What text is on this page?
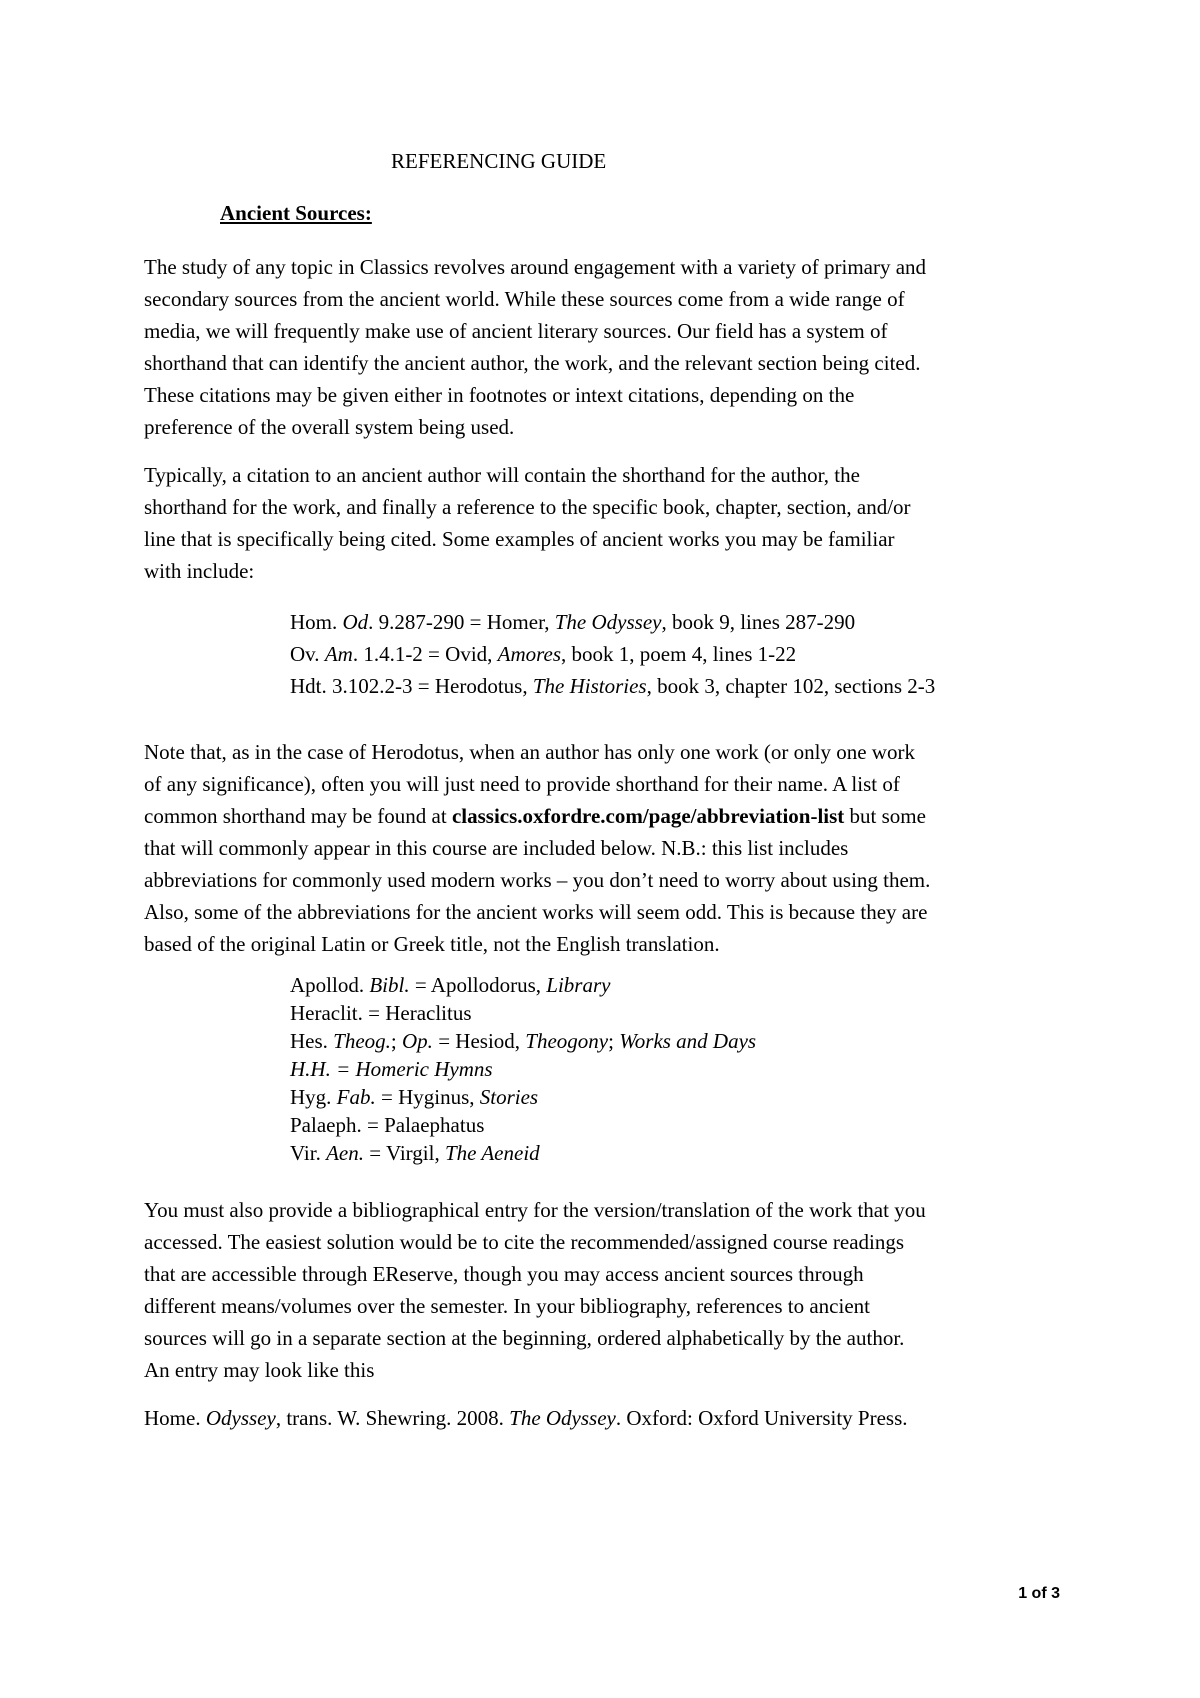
REFERENCING GUIDE
Ancient Sources:
The study of any topic in Classics revolves around engagement with a variety of primary and
secondary sources from the ancient world. While these sources come from a wide range of
media, we will frequently make use of ancient literary sources. Our field has a system of
shorthand that can identify the ancient author, the work, and the relevant section being cited.
These citations may be given either in footnotes or intext citations, depending on the
preference of the overall system being used.
Typically, a citation to an ancient author will contain the shorthand for the author, the
shorthand for the work, and finally a reference to the specific book, chapter, section, and/or
line that is specifically being cited. Some examples of ancient works you may be familiar
with include:
Hom. Od. 9.287-290 = Homer, The Odyssey, book 9, lines 287-290
Ov. Am. 1.4.1-2 = Ovid, Amores, book 1, poem 4, lines 1-22
Hdt. 3.102.2-3 = Herodotus, The Histories, book 3, chapter 102, sections 2-3
Note that, as in the case of Herodotus, when an author has only one work (or only one work
of any significance), often you will just need to provide shorthand for their name. A list of
common shorthand may be found at classics.oxfordre.com/page/abbreviation-list but some
that will commonly appear in this course are included below. N.B.: this list includes
abbreviations for commonly used modern works – you don’t need to worry about using them.
Also, some of the abbreviations for the ancient works will seem odd. This is because they are
based of the original Latin or Greek title, not the English translation.
Apollod. Bibl. = Apollodorus, Library
Heraclit. = Heraclitus
Hes. Theog.; Op. = Hesiod, Theogony; Works and Days
H.H. = Homeric Hymns
Hyg. Fab. = Hyginus, Stories
Palaeph. = Palaephatus
Vir. Aen. = Virgil, The Aeneid
You must also provide a bibliographical entry for the version/translation of the work that you
accessed. The easiest solution would be to cite the recommended/assigned course readings
that are accessible through EReserve, though you may access ancient sources through
different means/volumes over the semester. In your bibliography, references to ancient
sources will go in a separate section at the beginning, ordered alphabetically by the author.
An entry may look like this
Home. Odyssey, trans. W. Shewring. 2008. The Odyssey. Oxford: Oxford University Press.
1 of 3
